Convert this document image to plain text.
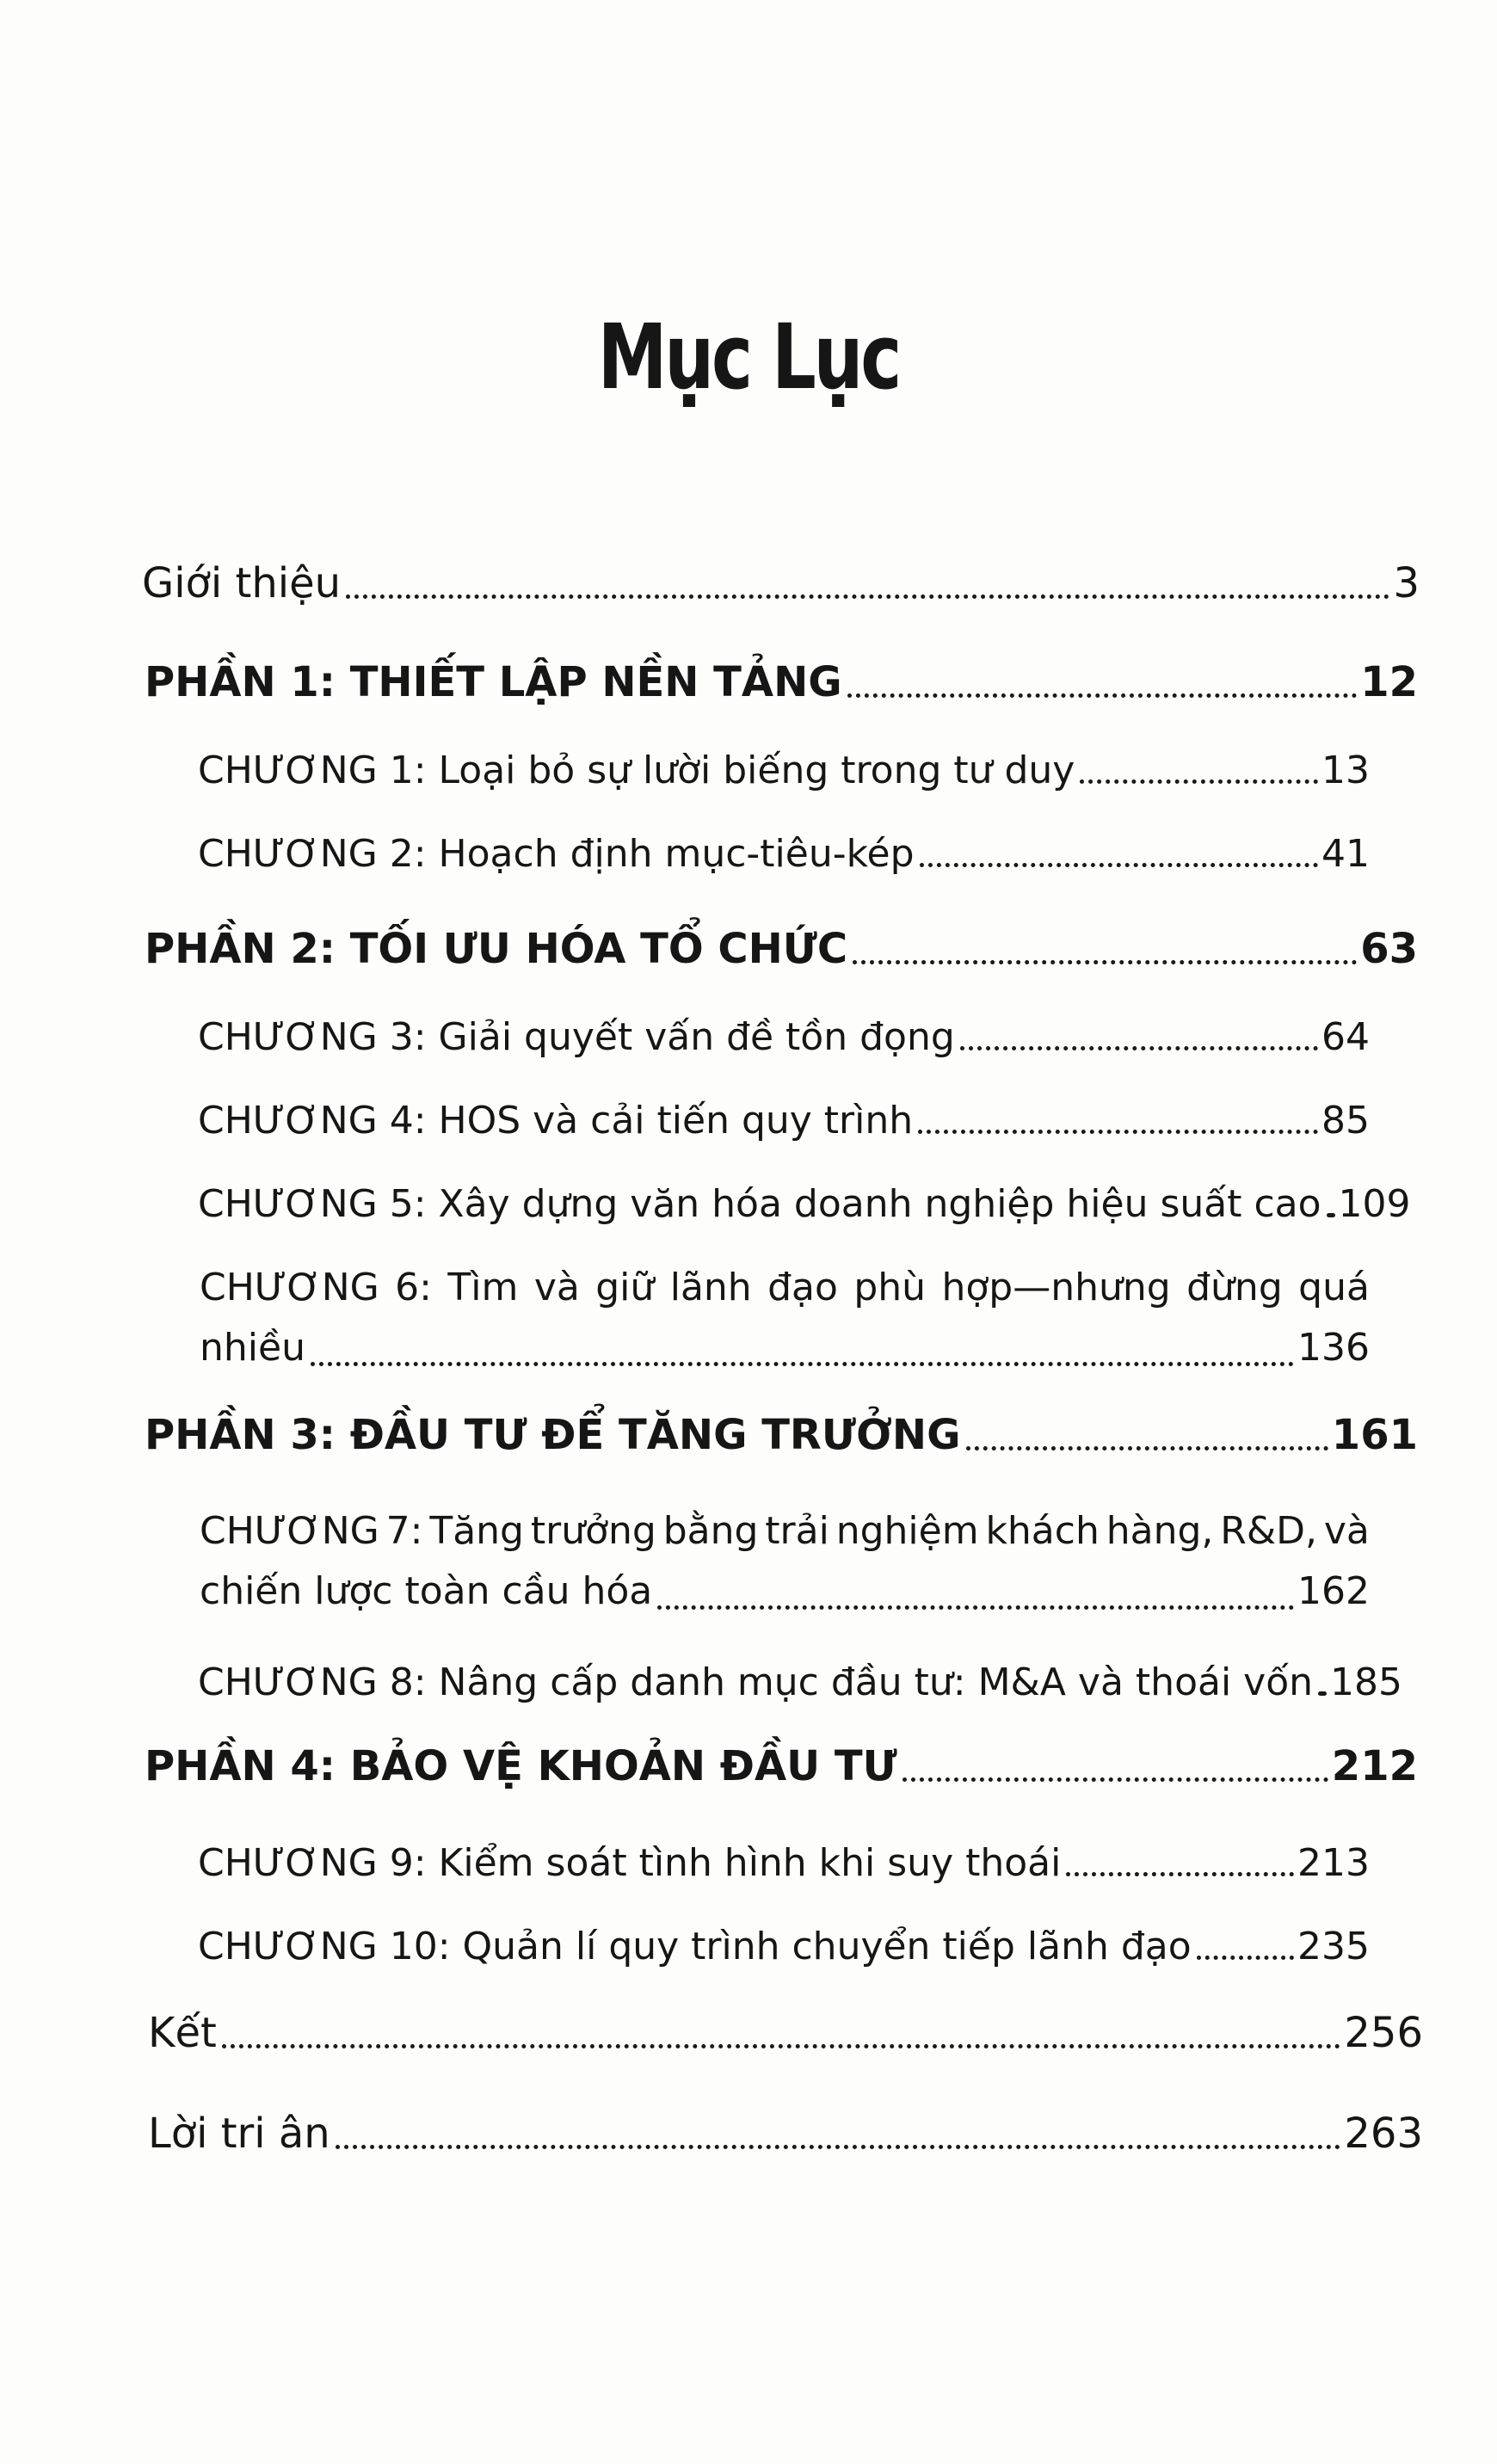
Mục Lục
Giới thiệu	3
PHẦN 1: THIẾT LẬP NỀN TẢNG	12
CHƯƠNG 1: Loại bỏ sự lười biếng trong tư duy	13
CHƯƠNG 2: Hoạch định mục-tiêu-kép	41
PHẦN 2: TỐI ƯU HÓA TỔ CHỨC	63
CHƯƠNG 3: Giải quyết vấn đề tồn đọng	64
CHƯƠNG 4: HOS và cải tiến quy trình	85
CHƯƠNG 5: Xây dựng văn hóa doanh nghiệp hiệu suất cao 109
CHƯƠNG 6: Tìm và giữ lãnh đạo phù hợp—nhưng đừng quá
nhiều	136
PHẦN 3: ĐẦU TƯ ĐỂ TĂNG TRƯỞNG	161
CHƯƠNG 7: Tăng trưởng bằng trải nghiệm khách hàng, R&D, và
chiến lược toàn cầu hóa	162
CHƯƠNG 8: Nâng cấp danh mục đầu tư: M&A và thoái vốn 185
PHẦN 4: BẢO VỆ KHOẢN ĐẦU TƯ	212
CHƯƠNG 9: Kiểm soát tình hình khi suy thoái	213
CHƯƠNG 10: Quản lí quy trình chuyển tiếp lãnh đạo	235
Kết	256
Lời tri ân	263
